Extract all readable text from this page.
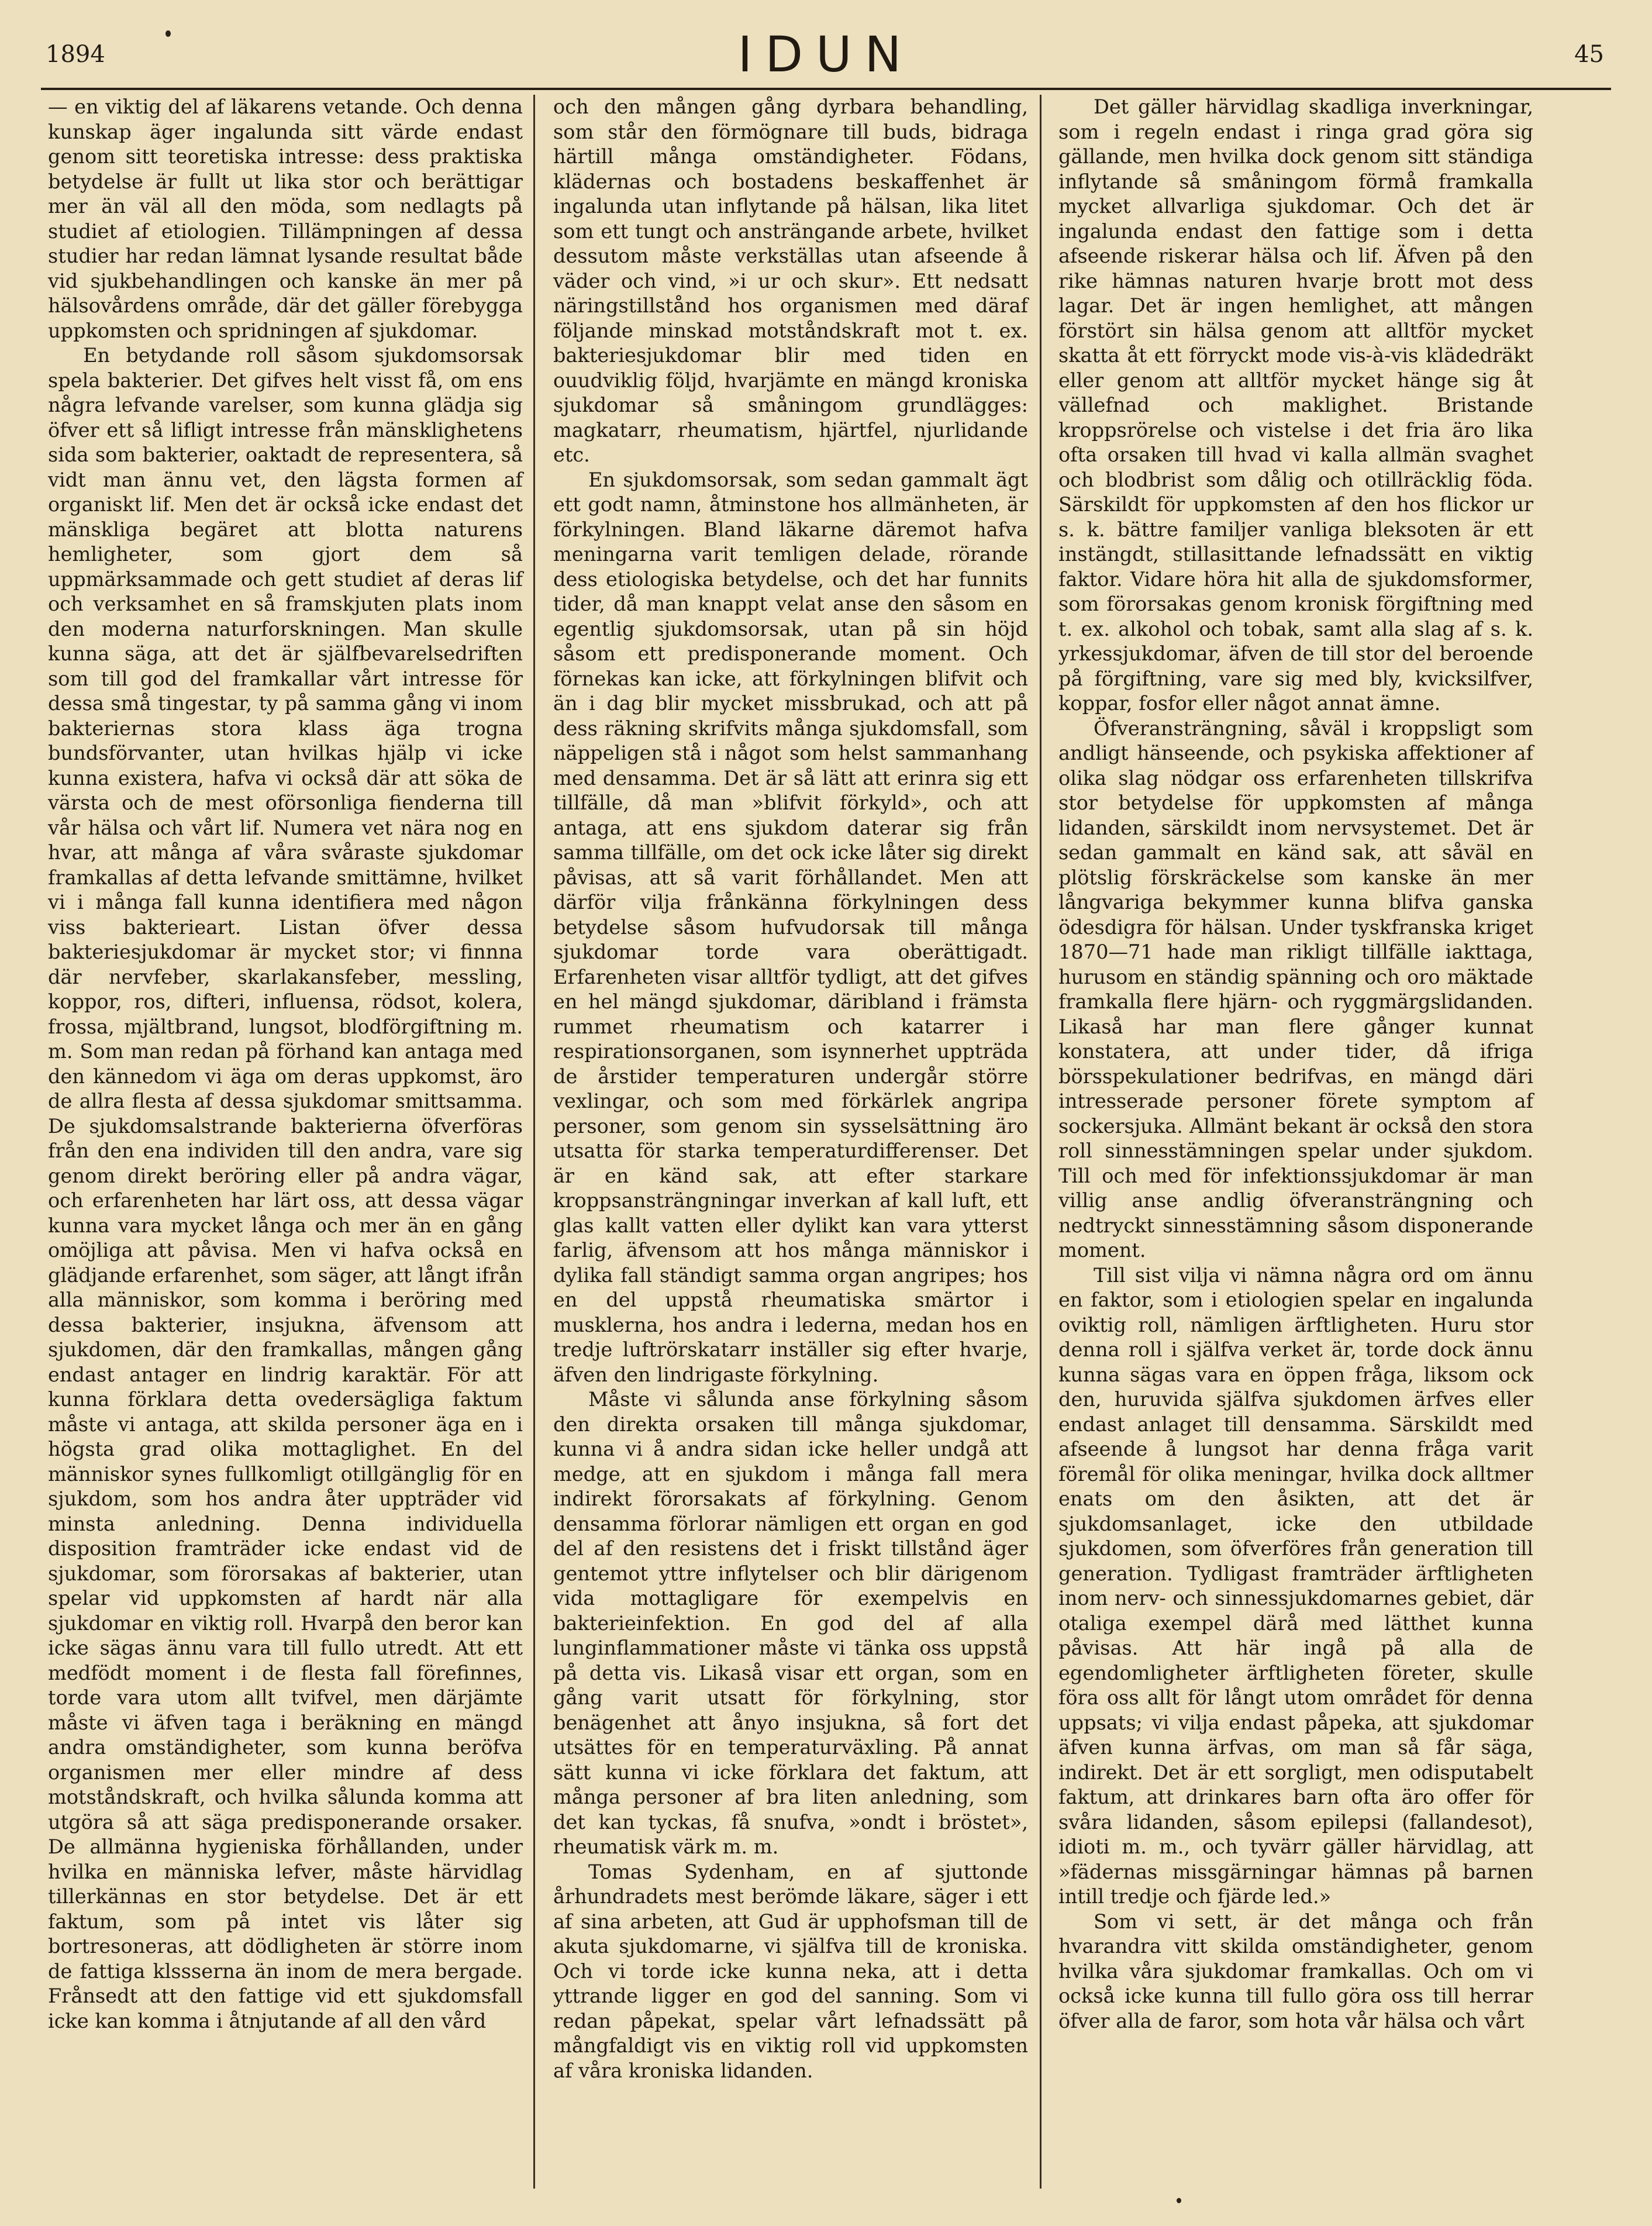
1894	IDUN	45

— en viktig del af läkarens vetande. Och denna kunskap äger ingalunda sitt värde endast genom sitt teoretiska intresse: dess praktiska betydelse är fullt ut lika stor och berättigar mer än väl all den möda, som nedlagts på studiet af etiologien. Tillämpningen af dessa studier har redan lämnat lysande resultat både vid sjukbehandlingen och kanske än mer på hälsovårdens område, där det gäller förebygga uppkomsten och spridningen af sjukdomar.

En betydande roll såsom sjukdomsorsak spela bakterier. Det gifves helt visst få, om ens några lefvande varelser, som kunna glädja sig öfver ett så lifligt intresse från mänsklighetens sida som bakterier, oaktadt de representera, så vidt man ännu vet, den lägsta formen af organiskt lif. Men det är också icke endast det mänskliga begäret att blotta naturens hemligheter, som gjort dem så uppmärksammade och gett studiet af deras lif och verksamhet en så framskjuten plats inom den moderna naturforskningen. Man skulle kunna säga, att det är själfbevarelsedriften som till god del framkallar vårt intresse för dessa små tingestar, ty på samma gång vi inom bakteriernas stora klass äga trogna bundsförvanter, utan hvilkas hjälp vi icke kunna existera, hafva vi också där att söka de värsta och de mest oförsonliga fienderna till vår hälsa och vårt lif. Numera vet nära nog en hvar, att många af våra svåraste sjukdomar framkallas af detta lefvande smittämne, hvilket vi i många fall kunna identifiera med någon viss bakterieart. Listan öfver dessa bakteriesjukdomar är mycket stor; vi finnna där nervfeber, skarlakansfeber, messling, koppor, ros, difteri, influensa, rödsot, kolera, frossa, mjältbrand, lungsot, blodförgiftning m. m. Som man redan på förhand kan antaga med den kännedom vi äga om deras uppkomst, äro de allra flesta af dessa sjukdomar smittsamma. De sjukdomsalstrande bakterierna öfverföras från den ena individen till den andra, vare sig genom direkt beröring eller på andra vägar, och erfarenheten har lärt oss, att dessa vägar kunna vara mycket långa och mer än en gång omöjliga att påvisa. Men vi hafva också en glädjande erfarenhet, som säger, att långt ifrån alla människor, som komma i beröring med dessa bakterier, insjukna, äfvensom att sjukdomen, där den framkallas, mången gång endast antager en lindrig karaktär. För att kunna förklara detta ovedersägliga faktum måste vi antaga, att skilda personer äga en i högsta grad olika mottaglighet. En del människor synes fullkomligt otillgänglig för en sjukdom, som hos andra åter uppträder vid minsta anledning. Denna individuella disposition framträder icke endast vid de sjukdomar, som förorsakas af bakterier, utan spelar vid uppkomsten af hardt när alla sjukdomar en viktig roll. Hvarpå den beror kan icke sägas ännu vara till fullo utredt. Att ett medfödt moment i de flesta fall förefinnes, torde vara utom allt tvifvel, men därjämte måste vi äfven taga i beräkning en mängd andra omständigheter, som kunna beröfva organismen mer eller mindre af dess motståndskraft, och hvilka sålunda komma att utgöra så att säga predisponerande orsaker. De allmänna hygieniska förhållanden, under hvilka en människa lefver, måste härvidlag tillerkännas en stor betydelse. Det är ett faktum, som på intet vis låter sig bortresoneras, att dödligheten är större inom de fattiga klssserna än inom de mera bergade. Frånsedt att den fattige vid ett sjukdomsfall icke kan komma i åtnjutande af all den vård

och den mången gång dyrbara behandling, som står den förmögnare till buds, bidraga härtill många omständigheter. Födans, klädernas och bostadens beskaffenhet är ingalunda utan inflytande på hälsan, lika litet som ett tungt och ansträngande arbete, hvilket dessutom måste verkställas utan afseende å väder och vind, »i ur och skur». Ett nedsatt näringstillstånd hos organismen med däraf följande minskad motståndskraft mot t. ex. bakteriesjukdomar blir med tiden en ouudviklig följd, hvarjämte en mängd kroniska sjukdomar så småningom grundlägges: magkatarr, rheumatism, hjärtfel, njurlidande etc.

En sjukdomsorsak, som sedan gammalt ägt ett godt namn, åtminstone hos allmänheten, är förkylningen. Bland läkarne däremot hafva meningarna varit temligen delade, rörande dess etiologiska betydelse, och det har funnits tider, då man knappt velat anse den såsom en egentlig sjukdomsorsak, utan på sin höjd såsom ett predisponerande moment. Och förnekas kan icke, att förkylningen blifvit och än i dag blir mycket missbrukad, och att på dess räkning skrifvits många sjukdomsfall, som näppeligen stå i något som helst sammanhang med densamma. Det är så lätt att erinra sig ett tillfälle, då man »blifvit förkyld», och att antaga, att ens sjukdom daterar sig från samma tillfälle, om det ock icke låter sig direkt påvisas, att så varit förhållandet. Men att därför vilja frånkänna förkylningen dess betydelse såsom hufvudorsak till många sjukdomar torde vara oberättigadt. Erfarenheten visar alltför tydligt, att det gifves en hel mängd sjukdomar, däribland i främsta rummet rheumatism och katarrer i respirationsorganen, som isynnerhet uppträda de årstider temperaturen undergår större vexlingar, och som med förkärlek angripa personer, som genom sin sysselsättning äro utsatta för starka temperaturdifferenser. Det är en känd sak, att efter starkare kroppsansträngningar inverkan af kall luft, ett glas kallt vatten eller dylikt kan vara ytterst farlig, äfvensom att hos många människor i dylika fall ständigt samma organ angripes; hos en del uppstå rheumatiska smärtor i musklerna, hos andra i lederna, medan hos en tredje luftrörskatarr inställer sig efter hvarje, äfven den lindrigaste förkylning.

Måste vi sålunda anse förkylning såsom den direkta orsaken till många sjukdomar, kunna vi å andra sidan icke heller undgå att medge, att en sjukdom i många fall mera indirekt förorsakats af förkylning. Genom densamma förlorar nämligen ett organ en god del af den resistens det i friskt tillstånd äger gentemot yttre inflytelser och blir därigenom vida mottagligare för exempelvis en bakterieinfektion. En god del af alla lunginflammationer måste vi tänka oss uppstå på detta vis. Likaså visar ett organ, som en gång varit utsatt för förkylning, stor benägenhet att ånyo insjukna, så fort det utsättes för en temperaturväxling. På annat sätt kunna vi icke förklara det faktum, att många personer af bra liten anledning, som det kan tyckas, få snufva, »ondt i bröstet», rheumatisk värk m. m.

Tomas Sydenham, en af sjuttonde århundradets mest berömde läkare, säger i ett af sina arbeten, att Gud är upphofsman till de akuta sjukdomarne, vi själfva till de kroniska. Och vi torde icke kunna neka, att i detta yttrande ligger en god del sanning. Som vi redan påpekat, spelar vårt lefnadssätt på mångfaldigt vis en viktig roll vid uppkomsten af våra kroniska lidanden.

Det gäller härvidlag skadliga inverkningar, som i regeln endast i ringa grad göra sig gällande, men hvilka dock genom sitt ständiga inflytande så småningom förmå framkalla mycket allvarliga sjukdomar. Och det är ingalunda endast den fattige som i detta afseende riskerar hälsa och lif. Äfven på den rike hämnas naturen hvarje brott mot dess lagar. Det är ingen hemlighet, att mången förstört sin hälsa genom att alltför mycket skatta åt ett förryckt mode vis-à-vis klädedräkt eller genom att alltför mycket hänge sig åt vällefnad och maklighet. Bristande kroppsrörelse och vistelse i det fria äro lika ofta orsaken till hvad vi kalla allmän svaghet och blodbrist som dålig och otillräcklig föda. Särskildt för uppkomsten af den hos flickor ur s. k. bättre familjer vanliga bleksoten är ett instängdt, stillasittande lefnadssätt en viktig faktor. Vidare höra hit alla de sjukdomsformer, som förorsakas genom kronisk förgiftning med t. ex. alkohol och tobak, samt alla slag af s. k. yrkessjukdomar, äfven de till stor del beroende på förgiftning, vare sig med bly, kvicksilfver, koppar, fosfor eller något annat ämne.

Öfveransträngning, såväl i kroppsligt som andligt hänseende, och psykiska affektioner af olika slag nödgar oss erfarenheten tillskrifva stor betydelse för uppkomsten af många lidanden, särskildt inom nervsystemet. Det är sedan gammalt en känd sak, att såväl en plötslig förskräckelse som kanske än mer långvariga bekymmer kunna blifva ganska ödesdigra för hälsan. Under tyskfranska kriget 1870—71 hade man rikligt tillfälle iakttaga, hurusom en ständig spänning och oro mäktade framkalla flere hjärn- och ryggmärgslidanden. Likaså har man flere gånger kunnat konstatera, att under tider, då ifriga börsspekulationer bedrifvas, en mängd däri intresserade personer förete symptom af sockersjuka. Allmänt bekant är också den stora roll sinnesstämningen spelar under sjukdom. Till och med för infektionssjukdomar är man villig anse andlig öfveransträngning och nedtryckt sinnesstämning såsom disponerande moment.

Till sist vilja vi nämna några ord om ännu en faktor, som i etiologien spelar en ingalunda oviktig roll, nämligen ärftligheten. Huru stor denna roll i själfva verket är, torde dock ännu kunna sägas vara en öppen fråga, liksom ock den, huruvida själfva sjukdomen ärfves eller endast anlaget till densamma. Särskildt med afseende å lungsot har denna fråga varit föremål för olika meningar, hvilka dock alltmer enats om den åsikten, att det är sjukdomsanlaget, icke den utbildade sjukdomen, som öfverföres från generation till generation. Tydligast framträder ärftligheten inom nerv- och sinnessjukdomarnes gebiet, där otaliga exempel därå med lätthet kunna påvisas. Att här ingå på alla de egendomligheter ärftligheten företer, skulle föra oss allt för långt utom området för denna uppsats; vi vilja endast påpeka, att sjukdomar äfven kunna ärfvas, om man så får säga, indirekt. Det är ett sorgligt, men odisputabelt faktum, att drinkares barn ofta äro offer för svåra lidanden, såsom epilepsi (fallandesot), idioti m. m., och tyvärr gäller härvidlag, att »fädernas missgärningar hämnas på barnen intill tredje och fjärde led.»

Som vi sett, är det många och från hvarandra vitt skilda omständigheter, genom hvilka våra sjukdomar framkallas. Och om vi också icke kunna till fullo göra oss till herrar öfver alla de faror, som hota vår hälsa och vårt
